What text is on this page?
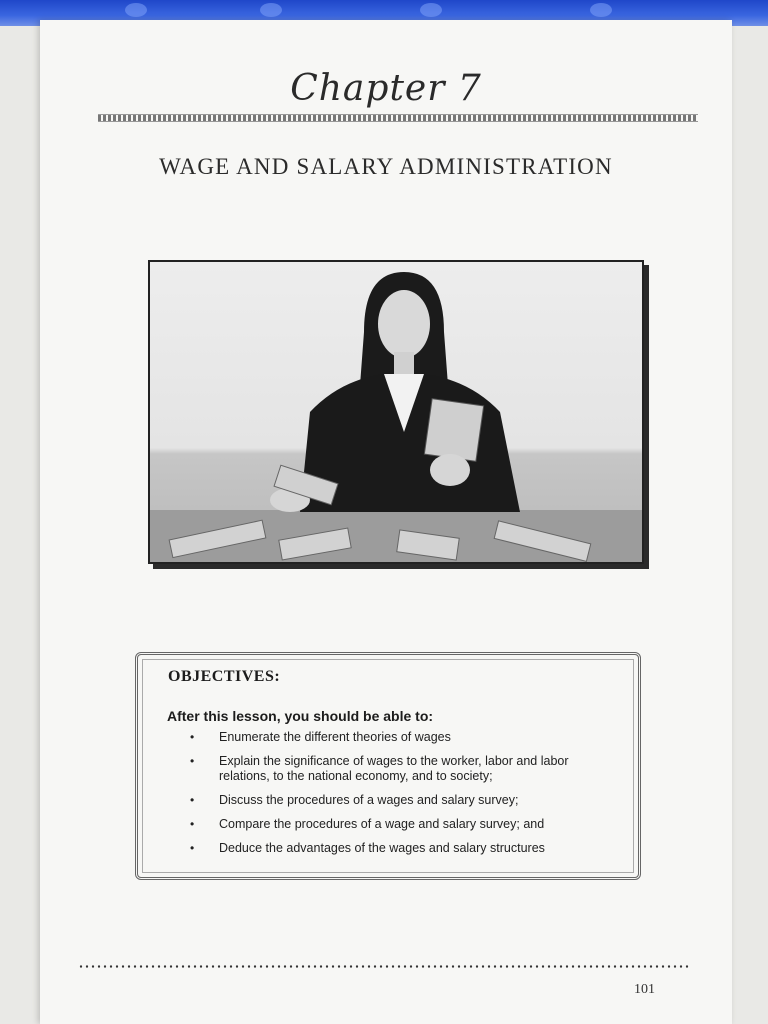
Chapter 7
WAGE AND SALARY ADMINISTRATION
OBJECTIVES:
After this lesson, you should be able to:
• Enumerate the different theories of wages
• Explain the significance of wages to the worker, labor and labor relations, to the national economy, and to society;
• Discuss the procedures of a wages and salary survey;
• Compare the procedures of a wage and salary survey; and
• Deduce the advantages of the wages and salary structures
101
